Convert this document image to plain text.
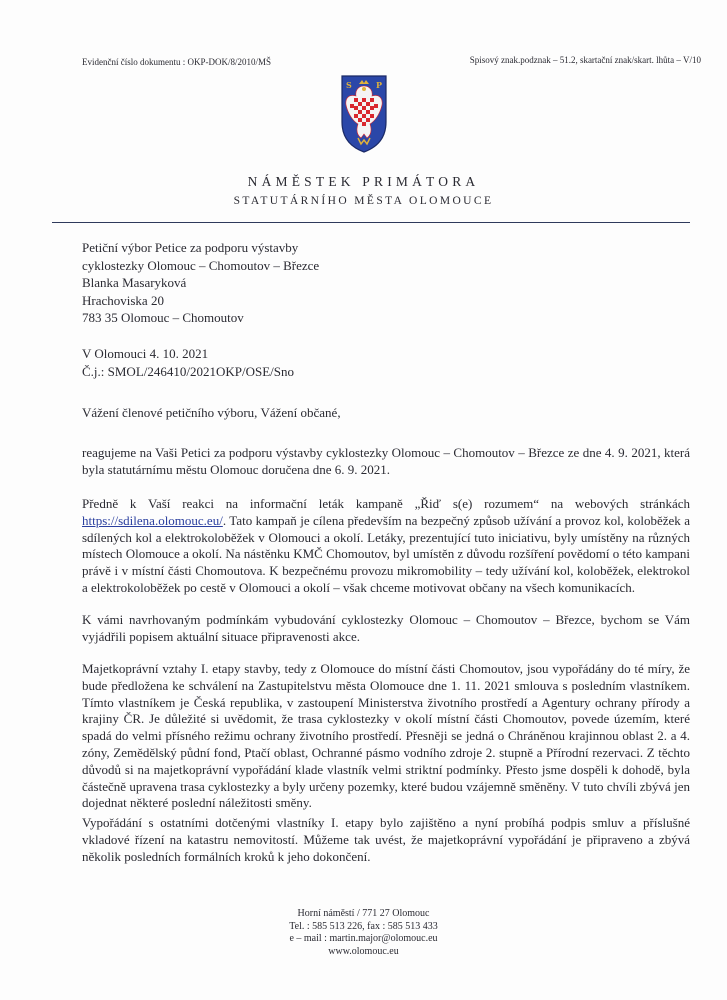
Evidenční číslo dokumentu : OKP-DOK/8/2010/MŠ	Spisový znak.podznak – 51.2, skartační znak/skart. lhůta – V/10
S	P
NÁMĚSTEK PRIMÁTORA
STATUTÁRNÍHO MĚSTA OLOMOUCE
Petiční výbor Petice za podporu výstavby
cyklostezky Olomouc – Chomoutov – Březce
Blanka Masaryková
Hrachoviska 20
783 35 Olomouc – Chomoutov
V Olomouci 4. 10. 2021
Č.j.: SMOL/246410/2021OKP/OSE/Sno

Vážení členové petičního výboru, Vážení občané,

reagujeme na Vaši Petici za podporu výstavby cyklostezky Olomouc – Chomoutov – Březce ze dne 4. 9. 2021, která byla statutárnímu městu Olomouc doručena dne 6. 9. 2021.

Předně k Vaší reakci na informační leták kampaně „Řiď s(e) rozumem“ na webových stránkách https://sdilena.olomouc.eu/. Tato kampaň je cílena především na bezpečný způsob užívání a provoz kol, koloběžek a sdílených kol a elektrokoloběžek v Olomouci a okolí. Letáky, prezentující tuto iniciativu, byly umístěny na různých místech Olomouce a okolí. Na nástěnku KMČ Chomoutov, byl umístěn z důvodu rozšíření povědomí o této kampani právě i v místní části Chomoutova. K bezpečnému provozu mikromobility – tedy užívání kol, koloběžek, elektrokol a elektrokoloběžek po cestě v Olomouci a okolí – však chceme motivovat občany na všech komunikacích.

K vámi navrhovaným podmínkám vybudování cyklostezky Olomouc – Chomoutov – Březce, bychom se Vám vyjádřili popisem aktuální situace připravenosti akce.

Majetkoprávní vztahy I. etapy stavby, tedy z Olomouce do místní části Chomoutov, jsou vypořádány do té míry, že bude předložena ke schválení na Zastupitelstvu města Olomouce dne 1. 11. 2021 smlouva s posledním vlastníkem. Tímto vlastníkem je Česká republika, v zastoupení Ministerstva životního prostředí a Agentury ochrany přírody a krajiny ČR. Je důležité si uvědomit, že trasa cyklostezky v okolí místní části Chomoutov, povede územím, které spadá do velmi přísného režimu ochrany životního prostředí. Přesněji se jedná o Chráněnou krajinnou oblast 2. a 4. zóny, Zemědělský půdní fond, Ptačí oblast, Ochranné pásmo vodního zdroje 2. stupně a Přírodní rezervaci. Z těchto důvodů si na majetkoprávní vypořádání klade vlastník velmi striktní podmínky. Přesto jsme dospěli k dohodě, byla částečně upravena trasa cyklostezky a byly určeny pozemky, které budou vzájemně směněny. V tuto chvíli zbývá jen dojednat některé poslední náležitosti směny.

Vypořádání s ostatními dotčenými vlastníky I. etapy bylo zajištěno a nyní probíhá podpis smluv a příslušné vkladové řízení na katastru nemovitostí. Můžeme tak uvést, že majetkoprávní vypořádání je připraveno a zbývá několik posledních formálních kroků k jeho dokončení.

Horní náměstí / 771 27 Olomouc
Tel. : 585 513 226, fax : 585 513 433
e – mail : martin.major@olomouc.eu
www.olomouc.eu
